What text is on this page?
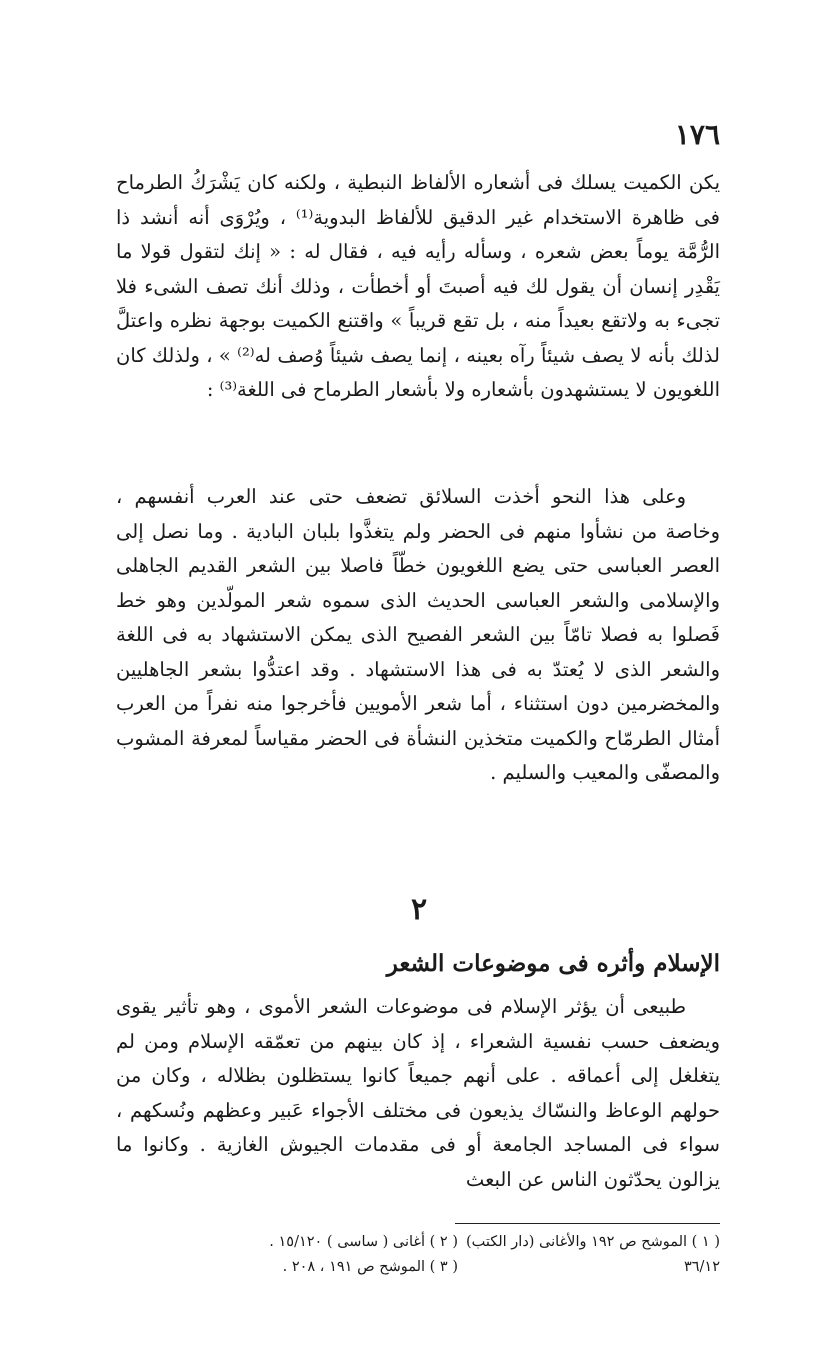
١٧٦

يكن الكميت يسلك فى أشعاره الألفاظ النبطية ، ولكنه كان يَشْرَكُ الطرماح فى ظاهرة الاستخدام غير الدقيق للألفاظ البدوية⁽¹⁾ ، ويُرْوَى أنه أنشد ذا الرُّمَّة يوماً بعض شعره ، وسأله رأيه فيه ، فقال له : « إنك لتقول قولا ما يَقْدِر إنسان أن يقول لك فيه أصبتَ أو أخطأت ، وذلك أنك تصف الشىء فلا تجىء به ولاتقع بعيداً منه ، بل تقع قريباً » واقتنع الكميت بوجهة نظره واعتلَّ لذلك بأنه لا يصف شيئاً رآه بعينه ، إنما يصف شيئاً وُصف له⁽²⁾ » ، ولذلك كان اللغويون لا يستشهدون بأشعاره ولا بأشعار الطرماح فى اللغة⁽³⁾ :

وعلى هذا النحو أخذت السلائق تضعف حتى عند العرب أنفسهم ، وخاصة من نشأوا منهم فى الحضر ولم يتغذَّوا بلبان البادية . وما نصل إلى العصر العباسى حتى يضع اللغويون خطّاً فاصلا بين الشعر القديم الجاهلى والإسلامى والشعر العباسى الحديث الذى سموه شعر المولّدين وهو خط فَصلوا به فصلا تامّاً بين الشعر الفصيح الذى يمكن الاستشهاد به فى اللغة والشعر الذى لا يُعتدّ به فى هذا الاستشهاد . وقد اعتدُّوا بشعر الجاهليين والمخضرمين دون استثناء ، أما شعر الأمويين فأخرجوا منه نفراً من العرب أمثال الطرمّاح والكميت متخذين النشأة فى الحضر مقياساً لمعرفة المشوب والمصفّى والمعيب والسليم .

٢
الإسلام وأثره فى موضوعات الشعر

طبيعى أن يؤثر الإسلام فى موضوعات الشعر الأموى ، وهو تأثير يقوى ويضعف حسب نفسية الشعراء ، إذ كان بينهم من تعمّقه الإسلام ومن لم يتغلغل إلى أعماقه . على أنهم جميعاً كانوا يستظلون بظلاله ، وكان من حولهم الوعاظ والنسّاك يذيعون فى مختلف الأجواء عَبير وعظهم ونُسكهم ، سواء فى المساجد الجامعة أو فى مقدمات الجيوش الغازية . وكانوا ما يزالون يحدّثون الناس عن البعث

( ١ ) الموشح ص ١٩٢ والأغانى (دار الكتب)
( ٢ ) أغانى ( ساسى ) ١٥/١٢٠ .
٣٦/١٢
( ٣ ) الموشح ص ١٩١ ، ٢٠٨ .
